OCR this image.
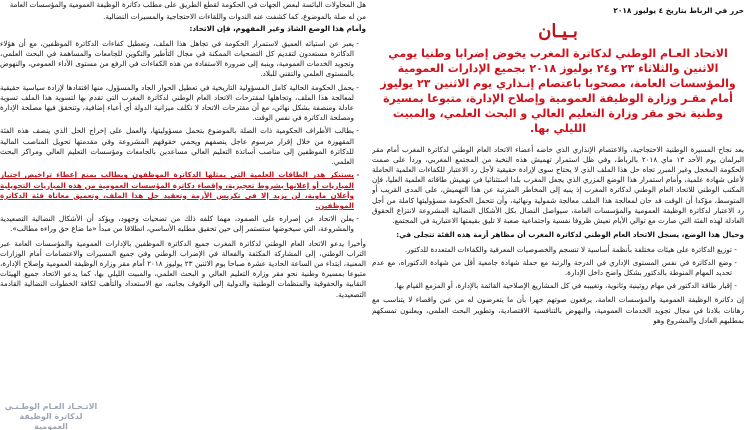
حرر في الرباط بتاريخ ٤ يوليوز ٢٠١٨

بـيـان
الاتحاد العـام الوطني لدكاترة المغرب يخوض إضرابا وطنيا يومي الاثنين والثلاثاء ٢٣ و٢٤ يوليوز ٢٠١٨ بجميع الإدارات العمومية والمؤسسات العامة، مصحوبا باعتصام إنـذاري يوم الاثنين ٢٣ يوليوز أمام مقـر وزارة الوظيفة العمومية وإصلاح الإدارة، متبوعا بمسيرة وطنية نحو مقر وزارة التعليم العالي و البحث العلمي، والمبيت الليلي بها.

بعد نجاح المسيرة الوطنية الاحتجاجية، والاعتصام الإنذاري الذي خاضه أعضاء الاتحاد العام الوطني لدكاترة المغرب أمام مقر البرلمان يوم الأحد ١٣ ماي ٢٠١٨ بالرباط، وفي ظل استمرار تهميش هذه النخبة من المجتمع المغربي، وردا على صمت الحكومة المخجل وغير المبرر تجاه حل هذا الملف الذي لا يحتاج سوى لإرادة حقيقية لأجل رد الاعتبار للكفاءات العلمية الحاملة لأعلى شهادة علمية، وأمام استمرار هذا الوضع المزري الذي يجعل المغرب بلدا استثنائيا في تهميش طاقاته العلمية العليا، فإن المكتب الوطني للاتحاد العام الوطني لدكاترة المغرب إذ ينبه إلى المخاطر المترتبة عن هذا التهميش، على المدى القريب أو المتوسط، مؤكدا أن الوقت قد حان لمعالجة هذا الملف معالجة شمولية ونهائية، وأن تتحمل الحكومة مسؤوليتها كاملة من أجل رد الاعتبار لدكاترة الوظيفة العمومية والمؤسسات العامة، سيواصل النضال بكل الأشكال النضالية المشروعة لانتزاع الحقوق العادلة لهذه الفئة التي صارت مع توالي الأيام تعيش ظروفا نفسية واجتماعية صعبة لا تليق بقيمتها الاعتبارية في المجتمع.

وحيال هذا الوضع، يسجل الاتحاد العام الوطني لدكاترة المغرب أن مظاهر أزمة هذه الفئة تتجلى في:

- توزيع الدكاترة على هيئات مختلفة بأنظمة أساسية لا تنسجم والخصوصيات المعرفية والكفاءات المتعددة للدكتور.
- وضع الدكاترة في نفس المستوى الإداري في الدرجة والرتبة مع حملة شهادة جامعية أقل من شهادة الدكتوراه، مع عدم تحديد المهام المنوطة بالدكتور بشكل واضح داخل الإدارة.
- إقبار طاقة الدكتور في مهام روتينية وثانوية، وتغييبه في كل المشاريع الإصلاحية القائمة بالإدارة، أو المزمع القيام بها.

إن دكاترة الوظيفة العمومية والمؤسسات العامة، يرفعون صوتهم جهرا بأن ما يتعرضون له من غبن واقصاء لا يتناسب مع رهانات بلادنا في مجال تجويد الخدمات العمومية، والنهوض بالتنافسية الاقتصادية، وتطوير البحث العلمي، ويعلنون تمسكهم بمطلبهم العادل والمشروع وهو

هل المحاولات البائسة لبعض الجهات في الحكومة لقطع الطريق على مطلب دكاترة الوظيفة العمومية والمؤسسات العامة

من له صلة بالموضوع، كما كشفت عنه الندوات واللقاءات الاحتجاجية والمسيرات النضالية.

وأمام هذا الوضع الشاذ وغير المفهوم، فإن الاتحاد:

- يعبر عن استيائه العميق لاستمرار الحكومة في تجاهل هذا الملف، وتعطيل كفاءات الدكاترة الموظفين، مع أن هؤلاء الدكاترة مستعدون لتقديم كل التضحيات الممكنة في مجال التأطير والتكوين للجامعات والمساهمة في البحث العلمي، وتجويد الخدمات العمومية، وينبه إلى ضرورة الاستفادة من هذه الكفاءات في الرفع من مستوى الأداء العمومي، والنهوض بالمستوى العلمي والتقني للبلاد.
- يحمل الحكومة الحالية كامل المسؤولية التاريخية في تعطيل الحوار الجاد والمسؤول، منها افتقادها لإرادة سياسية حقيقية لمعالجة هذا الملف، وتجاهلها لمقترحات الاتحاد العام الوطني لدكاترة المغرب التي تقدم بها لتسوية هذا الملف تسوية عادلة ومنصفة بشكل نهائي، مع أن مقترحات الاتحاد لا تكلف ميزانية الدولة أي أعباء إضافية، وتتحقق فيها مصلحة الإدارة ومصلحة الدكاترة في نفس الوقت.
- يطالب الأطراف الحكومية ذات الصلة بالموضوع بتحمل مسؤوليتها، والعمل على إخراج الحل الذي ينصف هذه الفئة المقهورة من خلال إقرار مرسوم عاجل ينصفهم ويحمي حقوقهم المشروعة وفي مقدمتها تحويل المناصب المالية للدكاترة الموظفين إلى مناصب أساتذة التعليم العالي مساعدين بالجامعات ومؤسسات التعليم العالي ومراكز البحث العلمي.
- يستنكر هدر الطاقات العلمية التي يمثلها الدكاترة الموظفون ويطالب بمنع إعطاء تراخيص اجتياز المباريات أو إعلانها بشروط تعجيزية، وإقصاء دكاترة المؤسسات العمومية من هذه المباريات التحويلية وأعلان ماوية، لن يزيد إلا في تكريس الأزمة وتعقيد حل هذا الملف، وتعميق معاناة فئة الدكاترة الموظفين.
- يعلن الاتحاد عن إصراره على الصمود، مهما كلفه ذلك من تضحيات وجهود، ويؤكد أن الأشكال النضالية التصعيدية والمشروعة، التي سيخوضها ستستمر إلى حين تحقيق مطلبه الأساسي، انطلاقا من مبدأ «ما ضاع حق وراءه مطالب».

وأخيرا يدعو الاتحاد العام الوطني لدكاترة المغرب جميع الدكاترة الموظفين بالإدارات العمومية والمؤسسات العامة عبر التراب الوطني، إلى المشاركة المكثفة والفعالة في الإضراب الوطني وفي جميع المسيرات والاعتصامات أمام الوزارات المعنية، ابتداء من الساعة الحادية عشرة صباحا يوم الاثنين ٢٣ يوليوز ٢٠١٨ أمام مقر وزارة الوظيفة العمومية وإصلاح الإدارة، متبوعا بمسيرة وطنية نحو مقر وزارة التعليم العالي و البحث العلمي، والمبيت الليلي بها، كما يدعو الاتحاد جميع الهيئات النقابية والحقوقية والمنظمات الوطنية والدولية إلى الوقوف بجانبه، مع الاستعداد والتأهب لكافة الخطوات النضالية القادمة التصعيدية.

الاتـحـاد العـام الوطـنـي
لدكاترة الوظيفة العمومية
